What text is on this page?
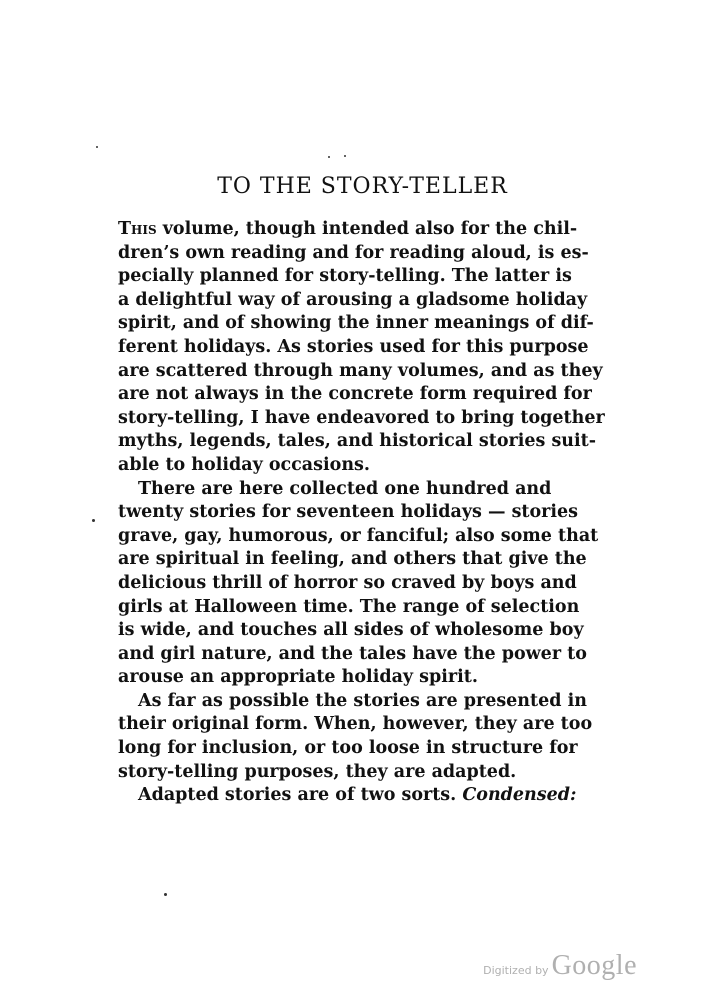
TO THE STORY-TELLER
This volume, though intended also for the chil-
dren’s own reading and for reading aloud, is es-
pecially planned for story-telling. The latter is
a delightful way of arousing a gladsome holiday
spirit, and of showing the inner meanings of dif-
ferent holidays. As stories used for this purpose
are scattered through many volumes, and as they
are not always in the concrete form required for
story-telling, I have endeavored to bring together
myths, legends, tales, and historical stories suit-
able to holiday occasions.
There are here collected one hundred and
twenty stories for seventeen holidays — stories
grave, gay, humorous, or fanciful; also some that
are spiritual in feeling, and others that give the
delicious thrill of horror so craved by boys and
girls at Halloween time. The range of selection
is wide, and touches all sides of wholesome boy
and girl nature, and the tales have the power to
arouse an appropriate holiday spirit.
As far as possible the stories are presented in
their original form. When, however, they are too
long for inclusion, or too loose in structure for
story-telling purposes, they are adapted.
Adapted stories are of two sorts. Condensed:
Digitized by Google
